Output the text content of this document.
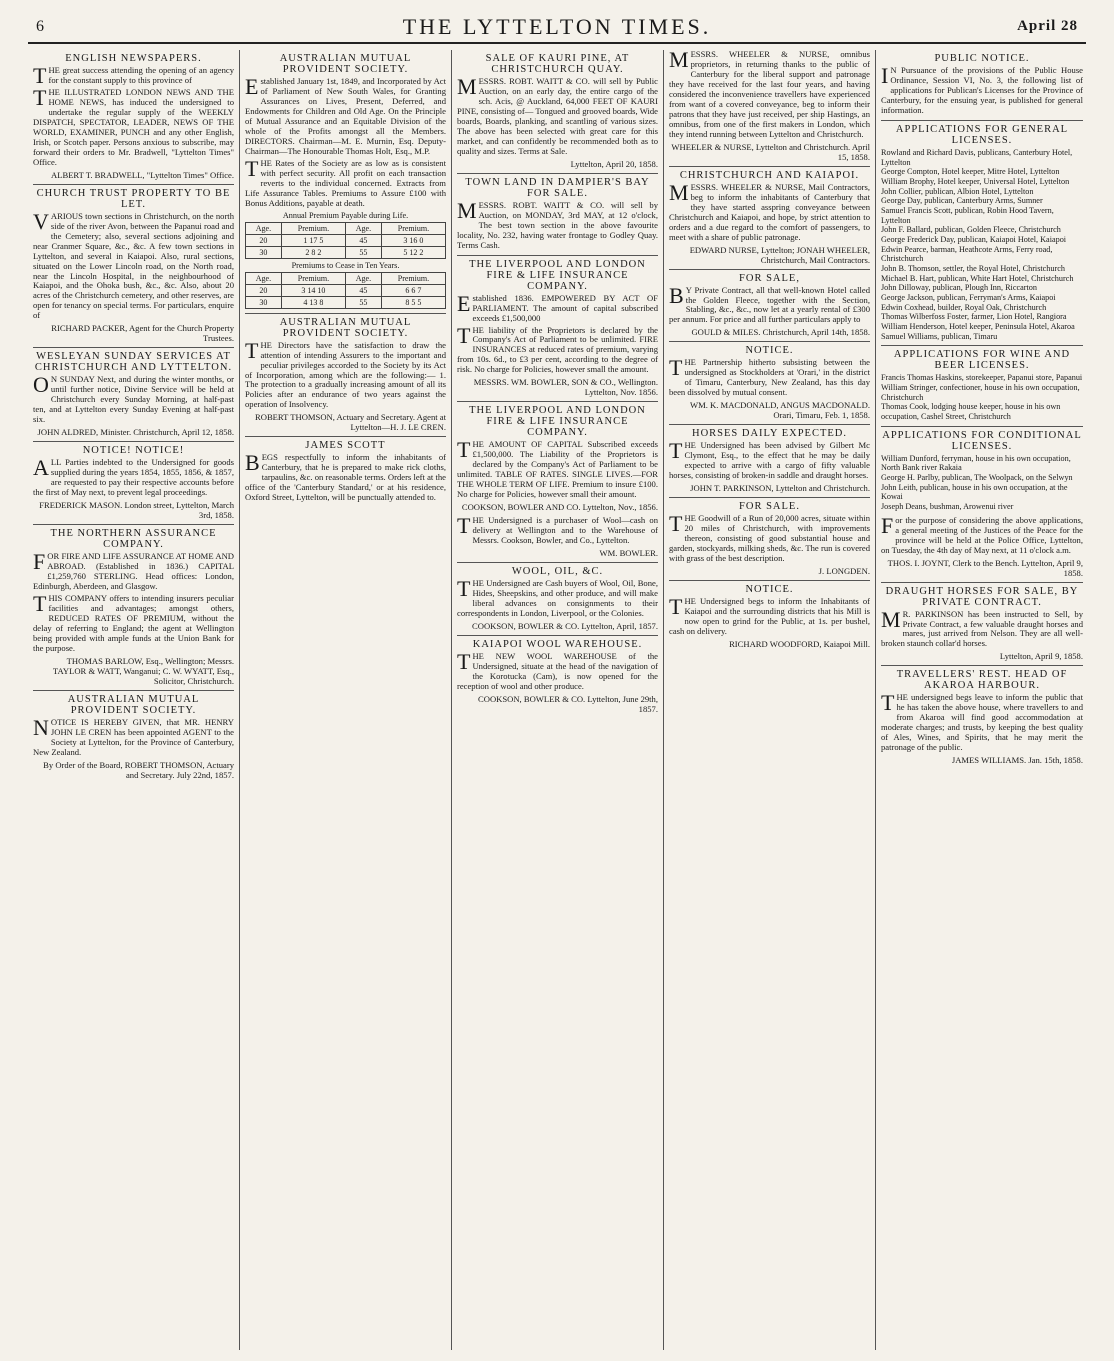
6	THE LYTTELTON TIMES.	April 28
ENGLISH NEWSPAPERS.

THE great success attending the opening of an agency for the constant supply to this province of

THE ILLUSTRATED LONDON NEWS AND THE HOME NEWS, has induced the undersigned to undertake the regular supply of the WEEKLY DISPATCH, SPECTATOR, LEADER, NEWS OF THE WORLD, EXAMINER, PUNCH and any other English, Irish, or Scotch paper. Persons anxious to subscribe, may forward their orders to Mr. Bradwell, "Lyttelton Times" Office.

ALBERT T. BRADWELL, "Lyttelton Times" Office.
CHURCH TRUST PROPERTY TO BE LET.

VARIOUS town sections in Christchurch, on the north side of the river Avon, between the Papanui road and the Cemetery; also, several sections adjoining and near Cranmer Square, &c., &c. A few town sections in Lyttelton, and several in Kaiapoi. Also, rural sections, situated on the Lower Lincoln road, on the North road, near the Lincoln Hospital, in the neighbourhood of Kaiapoi, and the Ohoka bush, &c., &c. Also, about 20 acres of the Christchurch cemetery, and other reserves, are open for tenancy on special terms. For particulars, enquire of

RICHARD PACKER, Agent for the Church Property Trustees.
WESLEYAN SUNDAY SERVICES AT CHRISTCHURCH AND LYTTELTON.

ON SUNDAY Next, and during the winter months, or until further notice, Divine Service will be held at Christchurch every Sunday Morning, at half-past ten, and at Lyttelton every Sunday Evening at half-past six.

JOHN ALDRED, Minister. Christchurch, April 12, 1858.
NOTICE! NOTICE!

ALL Parties indebted to the Undersigned for goods supplied during the years 1854, 1855, 1856, & 1857, are requested to pay their respective accounts before the first of May next, to prevent legal proceedings.

FREDERICK MASON. London street, Lyttelton, March 3rd, 1858.
THE NORTHERN ASSURANCE COMPANY.

FOR FIRE AND LIFE ASSURANCE AT HOME AND ABROAD. (Established in 1836.) CAPITAL £1,259,760 STERLING. Head offices: London, Edinburgh, Aberdeen, and Glasgow.

THIS COMPANY offers to intending insurers peculiar facilities and advantages; amongst others, REDUCED RATES OF PREMIUM, without the delay of referring to England; the agent at Wellington being provided with ample funds at the Union Bank for the purpose.

THOMAS BARLOW, Esq., Wellington; Messrs. TAYLOR & WATT, Wanganui; C. W. WYATT, Esq., Solicitor, Christchurch.
AUSTRALIAN MUTUAL PROVIDENT SOCIETY.

NOTICE IS HEREBY GIVEN, that MR. HENRY JOHN LE CREN has been appointed AGENT to the Society at Lyttelton, for the Province of Canterbury, New Zealand.

By Order of the Board, ROBERT THOMSON, Actuary and Secretary. July 22nd, 1857.
AUSTRALIAN MUTUAL PROVIDENT SOCIETY.

Established January 1st, 1849, and Incorporated by Act of Parliament of New South Wales, for Granting Assurances on Lives, Present, Deferred, and Endowments for Children and Old Age. On the Principle of Mutual Assurance and an Equitable Division of the whole of the Profits amongst all the Members. DIRECTORS. Chairman—M. E. Murnin, Esq. Deputy-Chairman—The Honourable Thomas Holt, Esq., M.P.

THE Rates of the Society are as low as is consistent with perfect security. All profit on each transaction reverts to the individual concerned. Extracts from Life Assurance Tables. Premiums to Assure £100 with Bonus Additions, payable at death.

Annual Premium Payable during Life.
Age.	Premium.	Age.	Premium.
20	1 17 5	45	3 16 0
30	2 8 2	55	5 12 2
Premiums to Cease in Ten Years.
Age.	Premium.	Age.	Premium.
20	3 14 10	45	6 6 7
30	4 13 8	55	8 5 5
AUSTRALIAN MUTUAL PROVIDENT SOCIETY.

THE Directors have the satisfaction to draw the attention of intending Assurers to the important and peculiar privileges accorded to the Society by its Act of Incorporation, among which are the following:— 1. The protection to a gradually increasing amount of all its Policies after an endurance of two years against the operation of Insolvency.

ROBERT THOMSON, Actuary and Secretary. Agent at Lyttelton—H. J. LE CREN.
JAMES SCOTT

BEGS respectfully to inform the inhabitants of Canterbury, that he is prepared to make rick cloths, tarpaulins, &c. on reasonable terms. Orders left at the office of the 'Canterbury Standard,' or at his residence, Oxford Street, Lyttelton, will be punctually attended to.

SALE OF KAURI PINE, AT CHRISTCHURCH QUAY.

MESSRS. ROBT. WAITT & CO. will sell by Public Auction, on an early day, the entire cargo of the sch. Acis, @ Auckland, 64,000 FEET OF KAURI PINE, consisting of— Tongued and grooved boards, Wide boards, Boards, planking, and scantling of various sizes. The above has been selected with great care for this market, and can confidently be recommended both as to quality and sizes. Terms at Sale.

Lyttelton, April 20, 1858.
TOWN LAND IN DAMPIER'S BAY FOR SALE.

MESSRS. ROBT. WAITT & CO. will sell by Auction, on MONDAY, 3rd MAY, at 12 o'clock, The best town section in the above favourite locality, No. 232, having water frontage to Godley Quay. Terms Cash.

THE LIVERPOOL AND LONDON FIRE & LIFE INSURANCE COMPANY.

Established 1836. EMPOWERED BY ACT OF PARLIAMENT. The amount of capital subscribed exceeds £1,500,000

THE liability of the Proprietors is declared by the Company's Act of Parliament to be unlimited. FIRE INSURANCES at reduced rates of premium, varying from 10s. 6d., to £3 per cent, according to the degree of risk. No charge for Policies, however small the amount.

MESSRS. WM. BOWLER, SON & CO., Wellington. Lyttelton, Nov. 1856.
THE LIVERPOOL AND LONDON FIRE & LIFE INSURANCE COMPANY.

THE AMOUNT OF CAPITAL Subscribed exceeds £1,500,000. The Liability of the Proprietors is declared by the Company's Act of Parliament to be unlimited. TABLE OF RATES. SINGLE LIVES.—FOR THE WHOLE TERM OF LIFE. Premium to insure £100. No charge for Policies, however small their amount.

COOKSON, BOWLER AND CO. Lyttelton, Nov., 1856.

THE Undersigned is a purchaser of Wool—cash on delivery at Wellington and to the Warehouse of Messrs. Cookson, Bowler, and Co., Lyttelton.

WM. BOWLER.
WOOL, OIL, &C.

THE Undersigned are Cash buyers of Wool, Oil, Bone, Hides, Sheepskins, and other produce, and will make liberal advances on consignments to their correspondents in London, Liverpool, or the Colonies.

COOKSON, BOWLER & CO. Lyttelton, April, 1857.
KAIAPOI WOOL WAREHOUSE.

THE NEW WOOL WAREHOUSE of the Undersigned, situate at the head of the navigation of the Korotucka (Cam), is now opened for the reception of wool and other produce.

COOKSON, BOWLER & CO. Lyttelton, June 29th, 1857.

MESSRS. WHEELER & NURSE, omnibus proprietors, in returning thanks to the public of Canterbury for the liberal support and patronage they have received for the last four years, and having considered the inconvenience travellers have experienced from want of a covered conveyance, beg to inform their patrons that they have just received, per ship Hastings, an omnibus, from one of the first makers in London, which they intend running between Lyttelton and Christchurch.

WHEELER & NURSE, Lyttelton and Christchurch. April 15, 1858.
CHRISTCHURCH AND KAIAPOI.

MESSRS. WHEELER & NURSE, Mail Contractors, beg to inform the inhabitants of Canterbury that they have started asspring conveyance between Christchurch and Kaiapoi, and hope, by strict attention to orders and a due regard to the comfort of passengers, to meet with a share of public patronage.

EDWARD NURSE, Lyttelton; JONAH WHEELER, Christchurch, Mail Contractors.
FOR SALE,

BY Private Contract, all that well-known Hotel called the Golden Fleece, together with the Section, Stabling, &c., &c., now let at a yearly rental of £300 per annum. For price and all further particulars apply to

GOULD & MILES. Christchurch, April 14th, 1858.
NOTICE.

THE Partnership hitherto subsisting between the undersigned as Stockholders at 'Orari,' in the district of Timaru, Canterbury, New Zealand, has this day been dissolved by mutual consent.

WM. K. MACDONALD, ANGUS MACDONALD. Orari, Timaru, Feb. 1, 1858.
HORSES DAILY EXPECTED.

THE Undersigned has been advised by Gilbert Mc Clymont, Esq., to the effect that he may be daily expected to arrive with a cargo of fifty valuable horses, consisting of broken-in saddle and draught horses.

JOHN T. PARKINSON, Lyttelton and Christchurch.
FOR SALE.

THE Goodwill of a Run of 20,000 acres, situate within 20 miles of Christchurch, with improvements thereon, consisting of good substantial house and garden, stockyards, milking sheds, &c. The run is covered with grass of the best description.

J. LONGDEN.
NOTICE.

THE Undersigned begs to inform the Inhabitants of Kaiapoi and the surrounding districts that his Mill is now open to grind for the Public, at 1s. per bushel, cash on delivery.

RICHARD WOODFORD, Kaiapoi Mill.
PUBLIC NOTICE.

IN Pursuance of the provisions of the Public House Ordinance, Session VI, No. 3, the following list of applications for Publican's Licenses for the Province of Canterbury, for the ensuing year, is published for general information.

APPLICATIONS FOR GENERAL LICENSES.
Rowland and Richard Davis, publicans, Canterbury Hotel, Lyttelton
George Compton, Hotel keeper, Mitre Hotel, Lyttelton
William Brophy, Hotel keeper, Universal Hotel, Lyttelton
John Collier, publican, Albion Hotel, Lyttelton
George Day, publican, Canterbury Arms, Sumner
Samuel Francis Scott, publican, Robin Hood Tavern, Lyttelton
John F. Ballard, publican, Golden Fleece, Christchurch
George Frederick Day, publican, Kaiapoi Hotel, Kaiapoi
Edwin Pearce, barman, Heathcote Arms, Ferry road, Christchurch
John B. Thomson, settler, the Royal Hotel, Christchurch
Michael B. Hart, publican, White Hart Hotel, Christchurch
John Dilloway, publican, Plough Inn, Riccarton
George Jackson, publican, Ferryman's Arms, Kaiapoi
Edwin Coxhead, builder, Royal Oak, Christchurch
Thomas Wilberfoss Foster, farmer, Lion Hotel, Rangiora
William Henderson, Hotel keeper, Peninsula Hotel, Akaroa
Samuel Williams, publican, Timaru
APPLICATIONS FOR WINE AND BEER LICENSES.
Francis Thomas Haskins, storekeeper, Papanui store, Papanui
William Stringer, confectioner, house in his own occupation, Christchurch
Thomas Cook, lodging house keeper, house in his own occupation, Cashel Street, Christchurch
APPLICATIONS FOR CONDITIONAL LICENSES.
William Dunford, ferryman, house in his own occupation, North Bank river Rakaia
George H. Parlby, publican, The Woolpack, on the Selwyn
John Leith, publican, house in his own occupation, at the Kowai
Joseph Deans, bushman, Arowenui river

For the purpose of considering the above applications, a general meeting of the Justices of the Peace for the province will be held at the Police Office, Lyttelton, on Tuesday, the 4th day of May next, at 11 o'clock a.m.

THOS. I. JOYNT, Clerk to the Bench. Lyttelton, April 9, 1858.
DRAUGHT HORSES FOR SALE, BY PRIVATE CONTRACT.

MR. PARKINSON has been instructed to Sell, by Private Contract, a few valuable draught horses and mares, just arrived from Nelson. They are all well-broken staunch collar'd horses.

Lyttelton, April 9, 1858.
TRAVELLERS' REST. HEAD OF AKAROA HARBOUR.

THE undersigned begs leave to inform the public that he has taken the above house, where travellers to and from Akaroa will find good accommodation at moderate charges; and trusts, by keeping the best quality of Ales, Wines, and Spirits, that he may merit the patronage of the public.

JAMES WILLIAMS. Jan. 15th, 1858.
